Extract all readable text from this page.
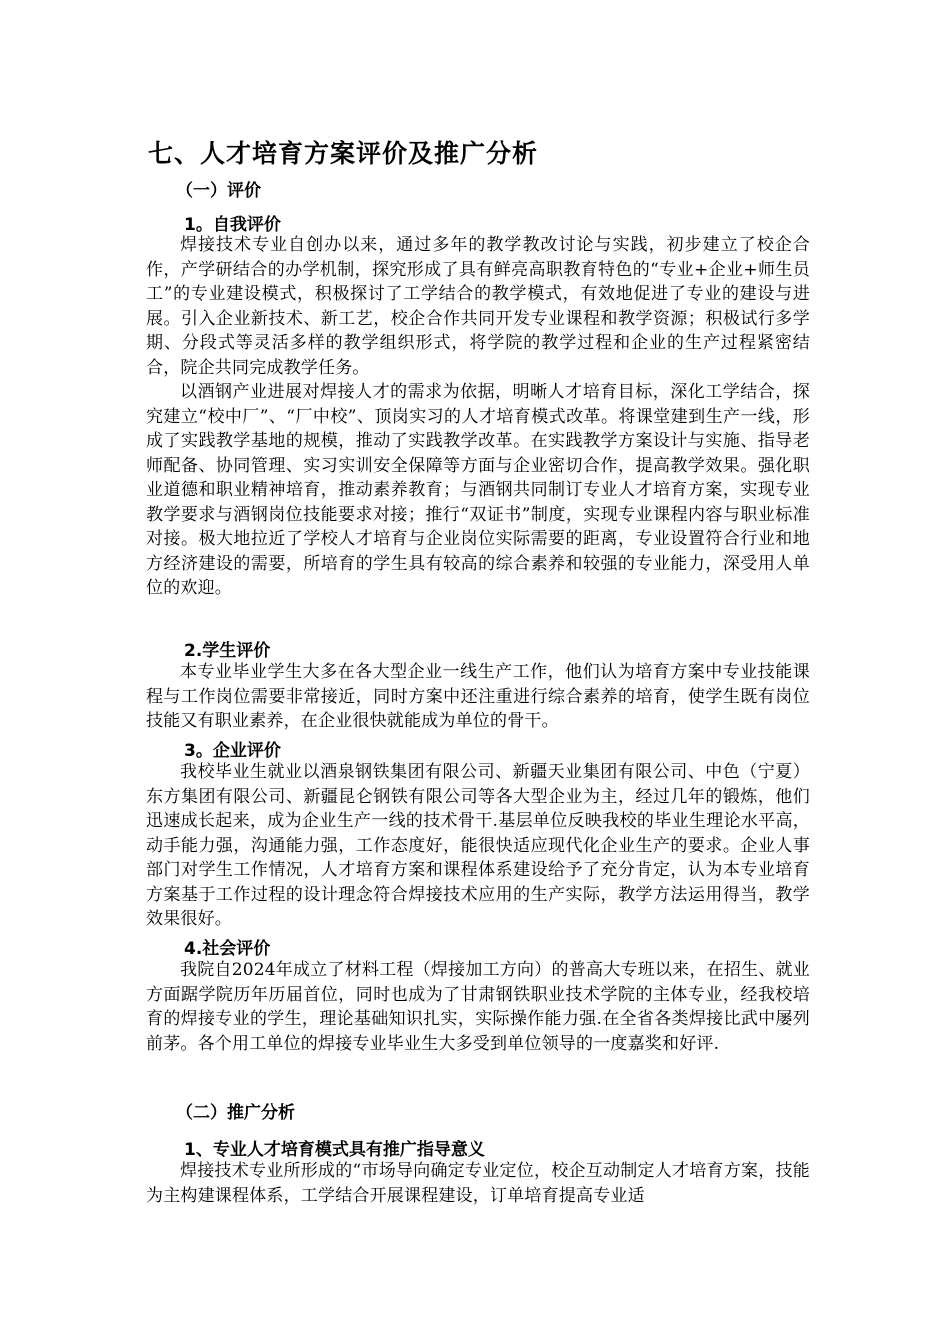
七、人才培育方案评价及推广分析
（一）评价
1。自我评价

焊接技术专业自创办以来，通过多年的教学教改讨论与实践，初步建立了校企合作，产学研结合的办学机制，探究形成了具有鲜亮高职教育特色的“专业+企业+师生员工”的专业建设模式，积极探讨了工学结合的教学模式，有效地促进了专业的建设与进展。引入企业新技术、新工艺，校企合作共同开发专业课程和教学资源；积极试行多学期、分段式等灵活多样的教学组织形式，将学院的教学过程和企业的生产过程紧密结合，院企共同完成教学任务。

以酒钢产业进展对焊接人才的需求为依据，明晰人才培育目标，深化工学结合，探究建立“校中厂”、“厂中校”、顶岗实习的人才培育模式改革。将课堂建到生产一线，形成了实践教学基地的规模，推动了实践教学改革。在实践教学方案设计与实施、指导老师配备、协同管理、实习实训安全保障等方面与企业密切合作，提高教学效果。强化职业道德和职业精神培育，推动素养教育；与酒钢共同制订专业人才培育方案，实现专业教学要求与酒钢岗位技能要求对接；推行“双证书”制度，实现专业课程内容与职业标准对接。极大地拉近了学校人才培育与企业岗位实际需要的距离，专业设置符合行业和地方经济建设的需要，所培育的学生具有较高的综合素养和较强的专业能力，深受用人单位的欢迎。

2.学生评价

本专业毕业学生大多在各大型企业一线生产工作，他们认为培育方案中专业技能课程与工作岗位需要非常接近，同时方案中还注重进行综合素养的培育，使学生既有岗位技能又有职业素养，在企业很快就能成为单位的骨干。

3。企业评价

我校毕业生就业以酒泉钢铁集团有限公司、新疆天业集团有限公司、中色（宁夏）东方集团有限公司、新疆昆仑钢铁有限公司等各大型企业为主，经过几年的锻炼，他们迅速成长起来，成为企业生产一线的技术骨干.基层单位反映我校的毕业生理论水平高，动手能力强，沟通能力强，工作态度好，能很快适应现代化企业生产的要求。企业人事部门对学生工作情况，人才培育方案和课程体系建设给予了充分肯定，认为本专业培育方案基于工作过程的设计理念符合焊接技术应用的生产实际，教学方法运用得当，教学效果很好。

4.社会评价

我院自2024年成立了材料工程（焊接加工方向）的普高大专班以来，在招生、就业方面踞学院历年历届首位，同时也成为了甘肃钢铁职业技术学院的主体专业，经我校培育的焊接专业的学生，理论基础知识扎实，实际操作能力强.在全省各类焊接比武中屡列前茅。各个用工单位的焊接专业毕业生大多受到单位领导的一度嘉奖和好评.

（二）推广分析
1、专业人才培育模式具有推广指导意义

焊接技术专业所形成的“市场导向确定专业定位，校企互动制定人才培育方案，技能为主构建课程体系，工学结合开展课程建设，订单培育提高专业适
